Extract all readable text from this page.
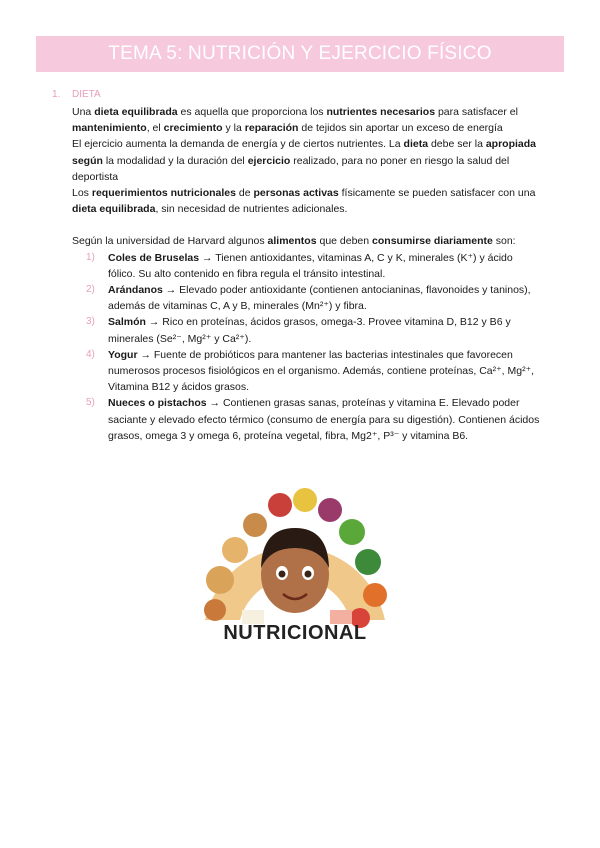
TEMA 5: NUTRICIÓN Y EJERCICIO FÍSICO
1. DIETA

Una dieta equilibrada es aquella que proporciona los nutrientes necesarios para satisfacer el mantenimiento, el crecimiento y la reparación de tejidos sin aportar un exceso de energía

El ejercicio aumenta la demanda de energía y de ciertos nutrientes. La dieta debe ser la apropiada según la modalidad y la duración del ejercicio realizado, para no poner en riesgo la salud del deportista

Los requerimientos nutricionales de personas activas físicamente se pueden satisfacer con una dieta equilibrada, sin necesidad de nutrientes adicionales.

Según la universidad de Harvard algunos alimentos que deben consumirse diariamente son:

1) Coles de Bruselas → Tienen antioxidantes, vitaminas A, C y K, minerales (K⁺) y ácido fólico. Su alto contenido en fibra regula el tránsito intestinal.
2) Arándanos → Elevado poder antioxidante (contienen antocianinas, flavonoides y taninos), además de vitaminas C, A y B, minerales (Mn²⁺) y fibra.
3) Salmón → Rico en proteínas, ácidos grasos, omega-3. Provee vitamina D, B12 y B6 y minerales (Se²⁻, Mg²⁺ y Ca²⁺).
4) Yogur → Fuente de probióticos para mantener las bacterias intestinales que favorecen numerosos procesos fisiológicos en el organismo. Además, contiene proteínas, Ca²⁺, Mg²⁺, Vitamina B12 y ácidos grasos.
5) Nueces o pistachos → Contienen grasas sanas, proteínas y vitamina E. Elevado poder saciante y elevado efecto térmico (consumo de energía para su digestión). Contienen ácidos grasos, omega 3 y omega 6, proteína vegetal, fibra, Mg2⁺, P³⁻ y vitamina B6.
NUTRICIONAL
